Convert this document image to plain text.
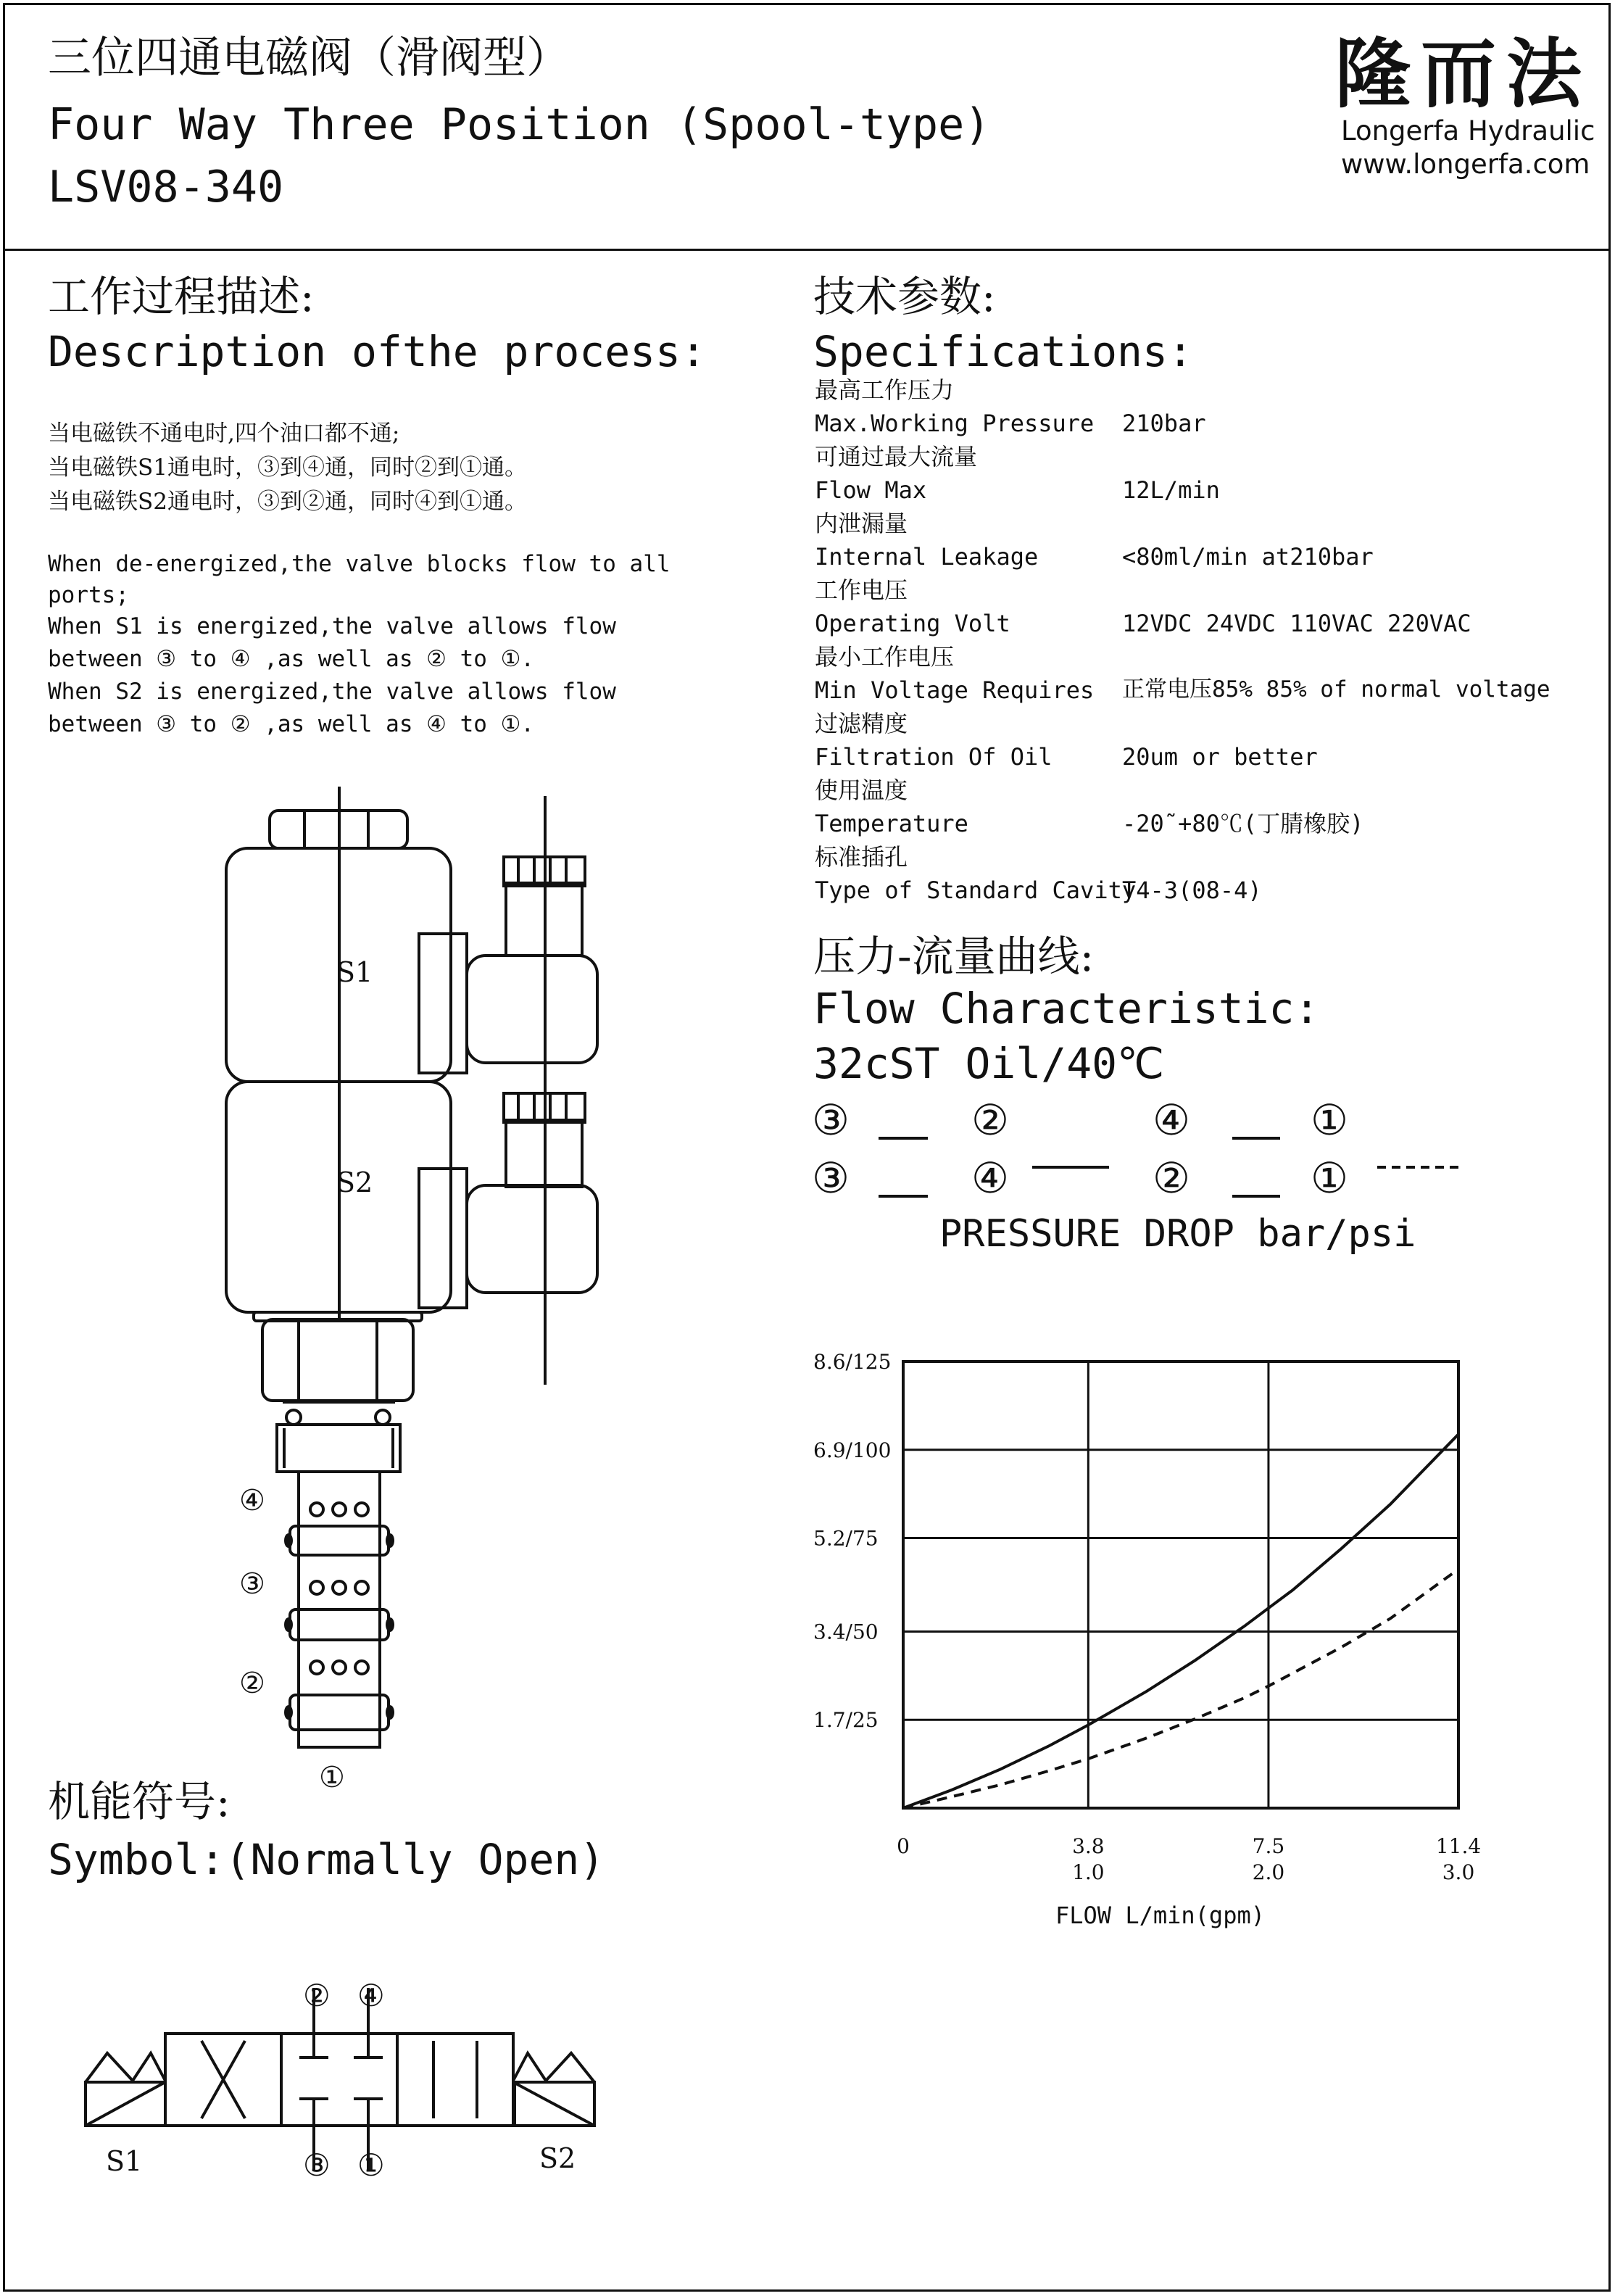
三位四通电磁阀（滑阀型）
Four Way Three Position (Spool-type)
LSV08-340
隆而法
Longerfa Hydraulic
www.longerfa.com
工作过程描述:
Description ofthe process:
当电磁铁不通电时,四个油口都不通;
当电磁铁S1通电时，③到④通，同时②到①通。
当电磁铁S2通电时，③到②通，同时④到①通。
When de-energized,the valve blocks flow to all
ports;
When S1 is energized,the valve allows flow
between ③ to ④ ,as well as ② to ①.
When S2 is energized,the valve allows flow
between ③ to ② ,as well as ④ to ①.
S1
S2
④
③
②
①
机能符号:
Symbol:(Normally Open)
② ④
③ ①
S1	S2
技术参数:
Specifications:
最高工作压力
Max.Working Pressure 210bar
可通过最大流量
Flow Max	12L/min
内泄漏量
Internal Leakage	<80ml/min at210bar
工作电压
Operating Volt	12VDC 24VDC 110VAC 220VAC
最小工作电压
Min Voltage Requires 正常电压85% 85% of normal voltage
过滤精度
Filtration Of Oil	20um or better
使用温度
Temperature	-20˜+80℃(丁腈橡胶)
标准插孔
Type of Standard Cavity
T4-3(08-4)
压力-流量曲线:
Flow Characteristic:
32cST Oil/40℃
③	②	④	①
③	④	②	①
PRESSURE DROP bar/psi
1.7/25
3.4/50
5.2/75
6.9/100
8.6/125
0	3.8
1.0
7.5
2.0
11.4
3.0
FLOW L/min(gpm)
